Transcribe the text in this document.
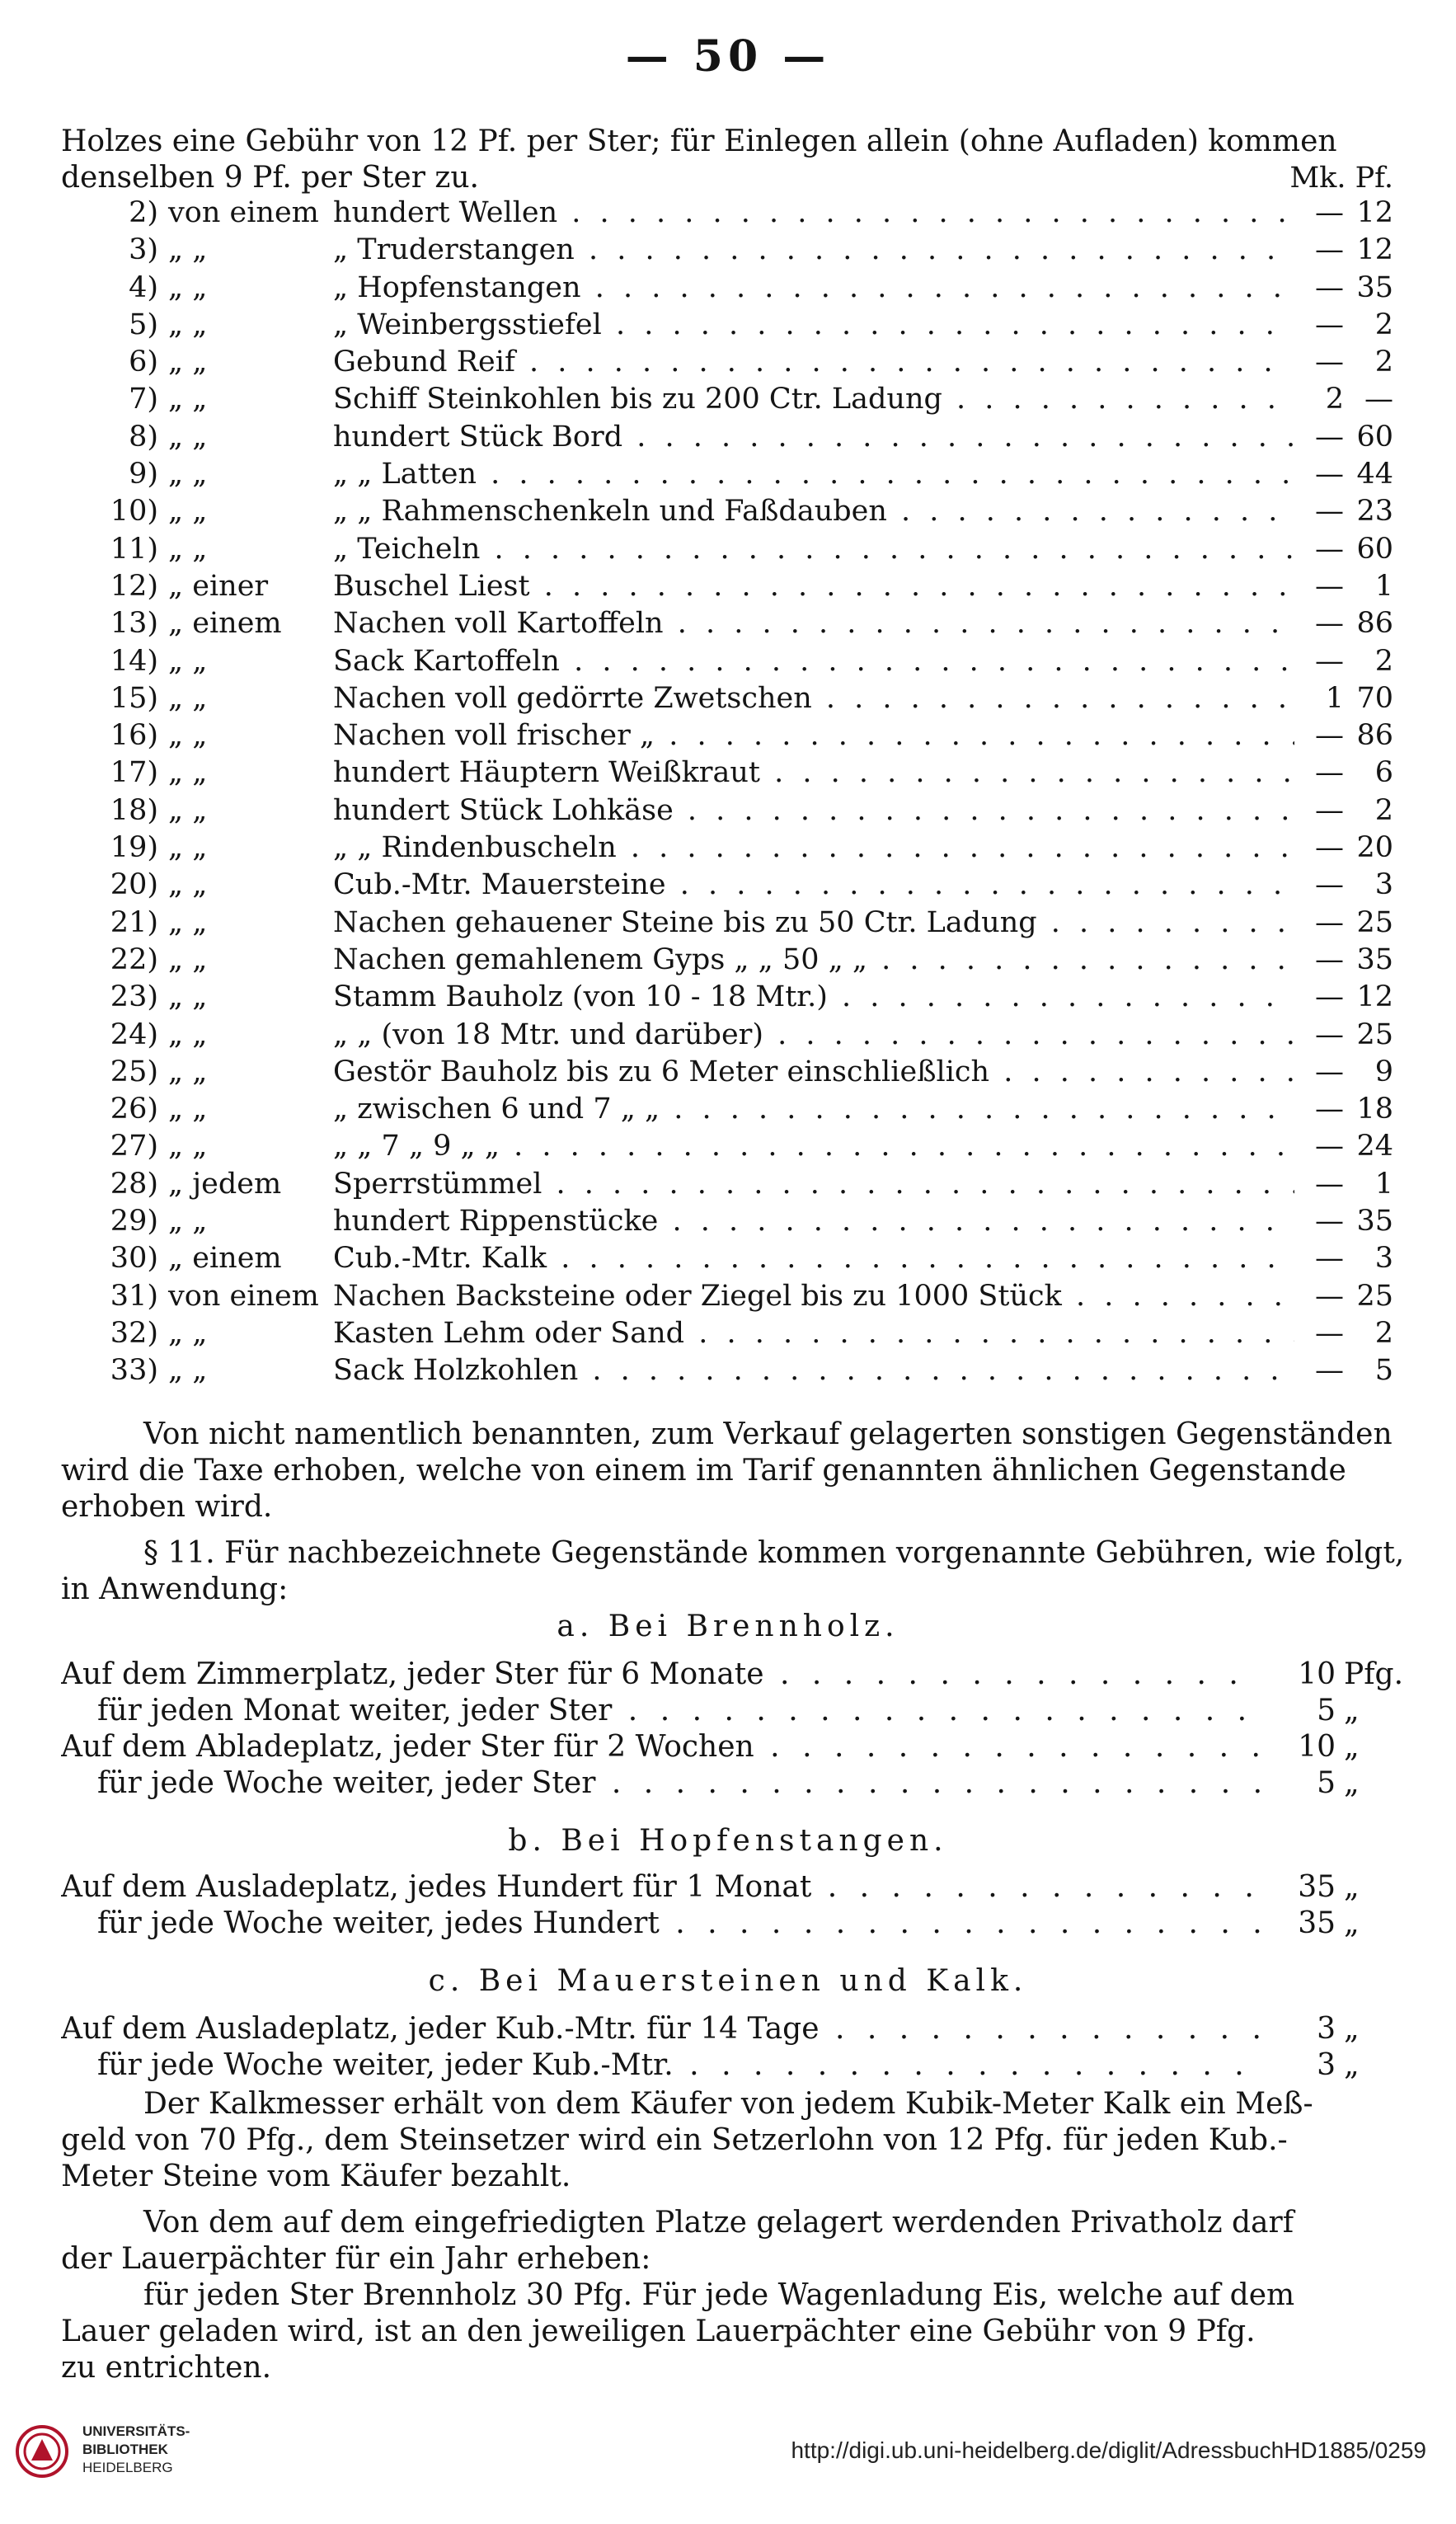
— 50 —
Holzes eine Gebühr von 12 Pf. per Ster; für Einlegen allein (ohne Aufladen) kommen
denselben 9 Pf. per Ster zu.	Mk. Pf.
2) von einem hundert Wellen . . .	— 12
3) „ „	„ Truderstangen . . .	— 12
4) „ „	„ Hopfenstangen . . .	— 35
5) „ „	„ Weinbergsstiefel . . .	—	2
6) „ „	Gebund Reif . . .	—	2
7) „ „	Schiff Steinkohlen bis zu 200 Ctr. Ladung . . .	2 —
8) „ „	hundert Stück Bord . . .	— 60
9) „ „	„ „ Latten . . .	— 44
10) „ „	„ „ Rahmenschenkeln und Faßdauben . . .	— 23
11) „ „	„ Teicheln . . .	— 60
12) „ einer	Buschel Liest . . .	—	1
13) „ einem	Nachen voll Kartoffeln . . .	— 86
14) „ „	Sack Kartoffeln . . .	—	2
15) „ „	Nachen voll gedörrte Zwetschen . . .	1 70
16) „ „	Nachen voll frischer „ . . .	— 86
17) „ „	hundert Häuptern Weißkraut . . .	—	6
18) „ „	hundert Stück Lohkäse . . .	—	2
19) „ „	„ „ Rindenbuscheln . . .	— 20
20) „ „	Cub.-Mtr. Mauersteine . . .	—	3
21) „ „	Nachen gehauener Steine bis zu 50 Ctr. Ladung . . .	— 25
22) „ „	Nachen gemahlenem Gyps „ „ 50 „ „ . . .	— 35
23) „ „	Stamm Bauholz (von 10 - 18 Mtr.) . . .	— 12
24) „ „	„ „ (von 18 Mtr. und darüber) . . .	— 25
25) „ „	Gestör Bauholz bis zu 6 Meter einschließlich . . .	—	9
26) „ „	„ zwischen 6 und 7 „ „ . . .	— 18
27) „ „	„ „ 7 „ 9 „ „ . . .	— 24
28) „ jedem	Sperrstümmel . . .	—	1
29) „ „	hundert Rippenstücke . . .	— 35
30) „ einem	Cub.-Mtr. Kalk . . .	—	3
31) von einem Nachen Backsteine oder Ziegel bis zu 1000 Stück . . .	— 25
32) „ „	Kasten Lehm oder Sand . . .	—	2
33) „ „	Sack Holzkohlen . . .	—	5
Von nicht namentlich benannten, zum Verkauf gelagerten sonstigen Gegenständen
wird die Taxe erhoben, welche von einem im Tarif genannten ähnlichen Gegenstande
erhoben wird.
§ 11. Für nachbezeichnete Gegenstände kommen vorgenannte Gebühren, wie folgt,
in Anwendung:
a. Bei Brennholz.
Auf dem Zimmerplatz, jeder Ster für 6 Monate . . .	10 Pfg.
für jeden Monat weiter, jeder Ster . . .	5 „
Auf dem Abladeplatz, jeder Ster für 2 Wochen . . .	10 „
für jede Woche weiter, jeder Ster . . .	5 „
b. Bei Hopfenstangen.
Auf dem Ausladeplatz, jedes Hundert für 1 Monat . . .	35 „
für jede Woche weiter, jedes Hundert . . .	35 „
c. Bei Mauersteinen und Kalk.
Auf dem Ausladeplatz, jeder Kub.-Mtr. für 14 Tage . . .	3 „
für jede Woche weiter, jeder Kub.-Mtr. . . .	3 „
Der Kalkmesser erhält von dem Käufer von jedem Kubik-Meter Kalk ein Meß-
geld von 70 Pfg., dem Steinsetzer wird ein Setzerlohn von 12 Pfg. für jeden Kub.-
Meter Steine vom Käufer bezahlt.
Von dem auf dem eingefriedigten Platze gelagert werdenden Privatholz darf
der Lauerpächter für ein Jahr erheben:
für jeden Ster Brennholz 30 Pfg. Für jede Wagenladung Eis, welche auf dem
Lauer geladen wird, ist an den jeweiligen Lauerpächter eine Gebühr von 9 Pfg.
zu entrichten.
UNIVERSITÄTS-
BIBLIOTHEK
HEIDELBERG
http://digi.ub.uni-heidelberg.de/diglit/AdressbuchHD1885/0259
